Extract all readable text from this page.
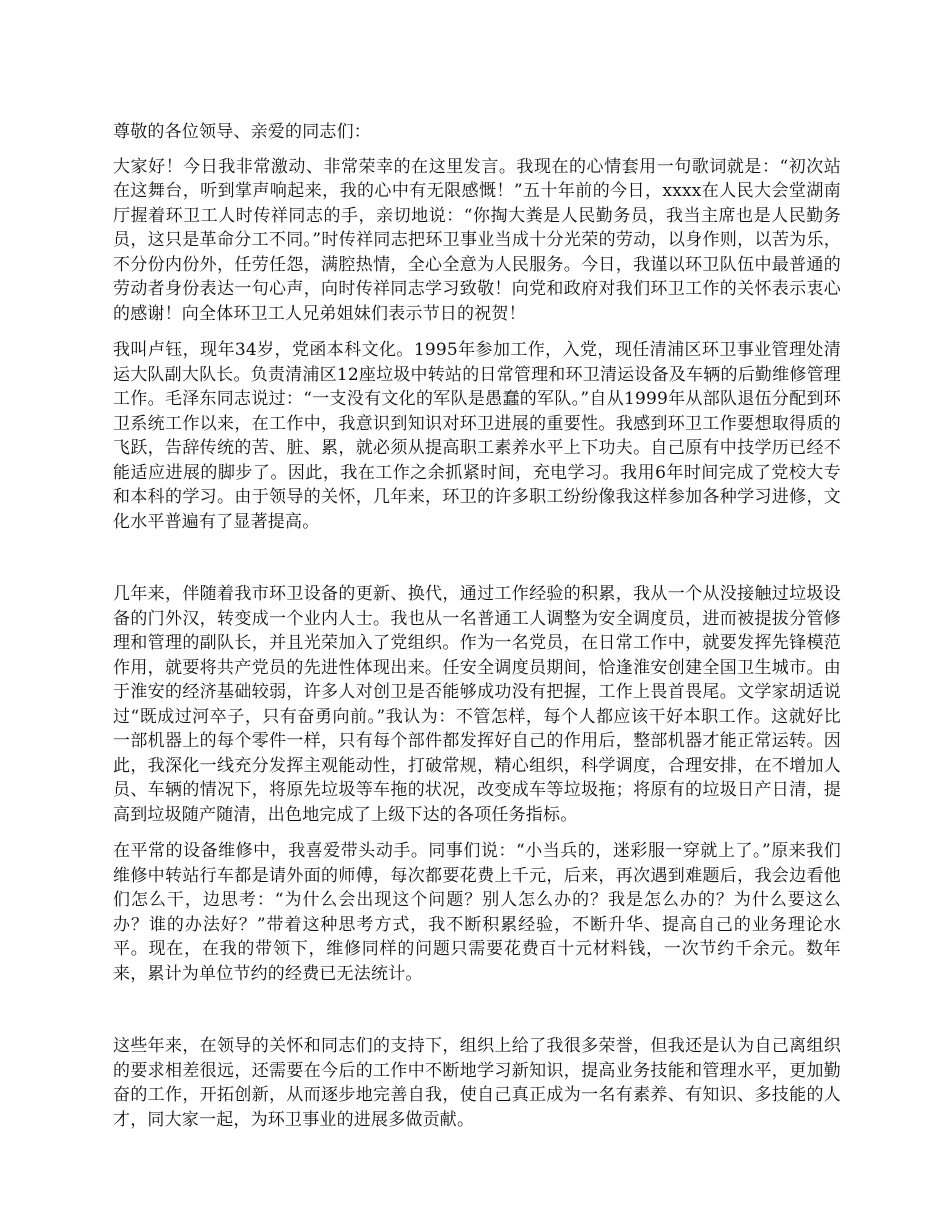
尊敬的各位领导、亲爱的同志们：

大家好！今日我非常激动、非常荣幸的在这里发言。我现在的心情套用一句歌词就是：“初次站在这舞台，听到掌声响起来，我的心中有无限感慨！”五十年前的今日，xxxx在人民大会堂湖南厅握着环卫工人时传祥同志的手，亲切地说：“你掏大粪是人民勤务员，我当主席也是人民勤务员，这只是革命分工不同。”时传祥同志把环卫事业当成十分光荣的劳动，以身作则，以苦为乐，不分份内份外，任劳任怨，满腔热情，全心全意为人民服务。今日，我谨以环卫队伍中最普通的劳动者身份表达一句心声，向时传祥同志学习致敬！向党和政府对我们环卫工作的关怀表示衷心的感谢！向全体环卫工人兄弟姐妹们表示节日的祝贺！

我叫卢钰，现年34岁，党函本科文化。1995年参加工作，入党，现任清浦区环卫事业管理处清运大队副大队长。负责清浦区12座垃圾中转站的日常管理和环卫清运设备及车辆的后勤维修管理工作。毛泽东同志说过：“一支没有文化的军队是愚蠢的军队。”自从1999年从部队退伍分配到环卫系统工作以来，在工作中，我意识到知识对环卫进展的重要性。我感到环卫工作要想取得质的飞跃，告辞传统的苦、脏、累，就必须从提高职工素养水平上下功夫。自己原有中技学历已经不能适应进展的脚步了。因此，我在工作之余抓紧时间，充电学习。我用6年时间完成了党校大专和本科的学习。由于领导的关怀，几年来，环卫的许多职工纷纷像我这样参加各种学习进修，文化水平普遍有了显著提高。

几年来，伴随着我市环卫设备的更新、换代，通过工作经验的积累，我从一个从没接触过垃圾设备的门外汉，转变成一个业内人士。我也从一名普通工人调整为安全调度员，进而被提拔分管修理和管理的副队长，并且光荣加入了党组织。作为一名党员，在日常工作中，就要发挥先锋模范作用，就要将共产党员的先进性体现出来。任安全调度员期间，恰逢淮安创建全国卫生城市。由于淮安的经济基础较弱，许多人对创卫是否能够成功没有把握，工作上畏首畏尾。文学家胡适说过“既成过河卒子，只有奋勇向前。”我认为：不管怎样，每个人都应该干好本职工作。这就好比一部机器上的每个零件一样，只有每个部件都发挥好自己的作用后，整部机器才能正常运转。因此，我深化一线充分发挥主观能动性，打破常规，精心组织，科学调度，合理安排，在不增加人员、车辆的情况下，将原先垃圾等车拖的状况，改变成车等垃圾拖；将原有的垃圾日产日清，提高到垃圾随产随清，出色地完成了上级下达的各项任务指标。

在平常的设备维修中，我喜爱带头动手。同事们说：“小当兵的，迷彩服一穿就上了。”原来我们维修中转站行车都是请外面的师傅，每次都要花费上千元，后来，再次遇到难题后，我会边看他们怎么干，边思考：“为什么会出现这个问题？别人怎么办的？我是怎么办的？为什么要这么办？谁的办法好？”带着这种思考方式，我不断积累经验，不断升华、提高自己的业务理论水平。现在，在我的带领下，维修同样的问题只需要花费百十元材料钱，一次节约千余元。数年来，累计为单位节约的经费已无法统计。

这些年来，在领导的关怀和同志们的支持下，组织上给了我很多荣誉，但我还是认为自己离组织的要求相差很远，还需要在今后的工作中不断地学习新知识，提高业务技能和管理水平，更加勤奋的工作，开拓创新，从而逐步地完善自我，使自己真正成为一名有素养、有知识、多技能的人才，同大家一起，为环卫事业的进展多做贡献。
